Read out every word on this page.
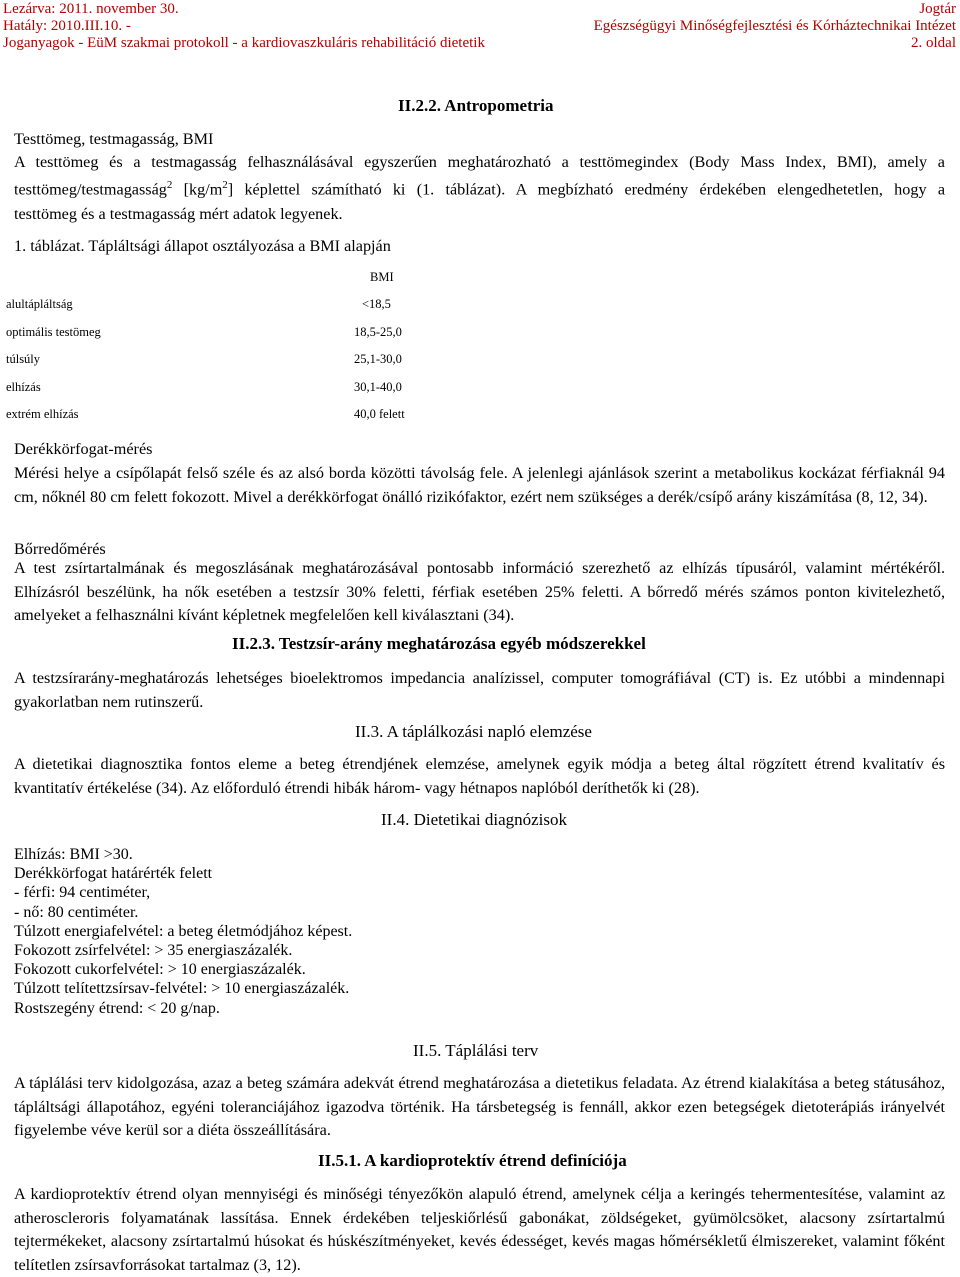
Lezárva: 2011. november 30.
Hatály: 2010.III.10. -
Joganyagok - EüM szakmai protokoll - a kardiovaszkuláris rehabilitáció dietetik
Jogtár
Egészségügyi Minőségfejlesztési és Kórháztechnikai Intézet
2. oldal
II.2.2. Antropometria
Testtömeg, testmagasság, BMI
A testtömeg és a testmagasság felhasználásával egyszerűen meghatározható a testtömegindex (Body Mass Index, BMI), amely a
testtömeg/testmagasság$^2$ $[kg/m^2]$ képlettel számítható ki (1. táblázat). A megbízható eredmény érdekében elengedhetetlen, hogy a
testtömeg és a testmagasság mért adatok legyenek.
1. táblázat. Tápláltsági állapot osztályozása a BMI alapján
BMI
alultápláltság	<18,5
optimális testömeg	18,5-25,0
túlsúly	25,1-30,0
elhízás	30,1-40,0
extrém elhízás	40,0 felett
Derékkörfogat-mérés
Mérési helye a csípőlapát felső széle és az alsó borda közötti távolság fele. A jelenlegi ajánlások szerint a metabolikus kockázat férfiaknál 94 cm, nőknél 80 cm felett fokozott. Mivel a derékkörfogat önálló rizikófaktor, ezért nem szükséges a derék/csípő arány kiszámítása (8, 12, 34).
Bőrredőmérés
A test zsírtartalmának és megoszlásának meghatározásával pontosabb információ szerezhető az elhízás típusáról, valamint mértékéről. Elhízásról beszélünk, ha nők esetében a testzsír 30% feletti, férfiak esetében 25% feletti. A bőrredő mérés számos ponton kivitelezhető, amelyeket a felhasználni kívánt képletnek megfelelően kell kiválasztani (34).
II.2.3. Testzsír-arány meghatározása egyéb módszerekkel
A testzsírarány-meghatározás lehetséges bioelektromos impedancia analízissel, computer tomográfiával (CT) is. Ez utóbbi a mindennapi gyakorlatban nem rutinszerű.
II.3. A táplálkozási napló elemzése
A dietetikai diagnosztika fontos eleme a beteg étrendjének elemzése, amelynek egyik módja a beteg által rögzített étrend kvalitatív és kvantitatív értékelése (34). Az előforduló étrendi hibák három- vagy hétnapos naplóból deríthetők ki (28).
II.4. Dietetikai diagnózisok
Elhízás: BMI >30.
Derékkörfogat határérték felett
- férfi: 94 centiméter,
- nő: 80 centiméter.
Túlzott energiafelvétel: a beteg életmódjához képest.
Fokozott zsírfelvétel: > 35 energiaszázalék.
Fokozott cukorfelvétel: > 10 energiaszázalék.
Túlzott telítettzsírsav-felvétel: > 10 energiaszázalék.
Rostszegény étrend: < 20 g/nap.
II.5. Táplálási terv
A táplálási terv kidolgozása, azaz a beteg számára adekvát étrend meghatározása a dietetikus feladata. Az étrend kialakítása a beteg státusához, tápláltsági állapotához, egyéni toleranciájához igazodva történik. Ha társbetegség is fennáll, akkor ezen betegségek dietoterápiás irányelvét figyelembe véve kerül sor a diéta összeállítására.
II.5.1. A kardioprotektív étrend definíciója
A kardioprotektív étrend olyan mennyiségi és minőségi tényezőkön alapuló étrend, amelynek célja a keringés tehermentesítése, valamint az atheroscleroris folyamatának lassítása. Ennek érdekében teljeskiőrlésű gabonákat, zöldségeket, gyümölcsöket, alacsony zsírtartalmú tejtermékeket, alacsony zsírtartalmú húsokat és húskészítményeket, kevés édességet, kevés magas hőmérsékletű élmiszereket, valamint főként telítetlen zsírsavforrásokat tartalmaz (3, 12).
